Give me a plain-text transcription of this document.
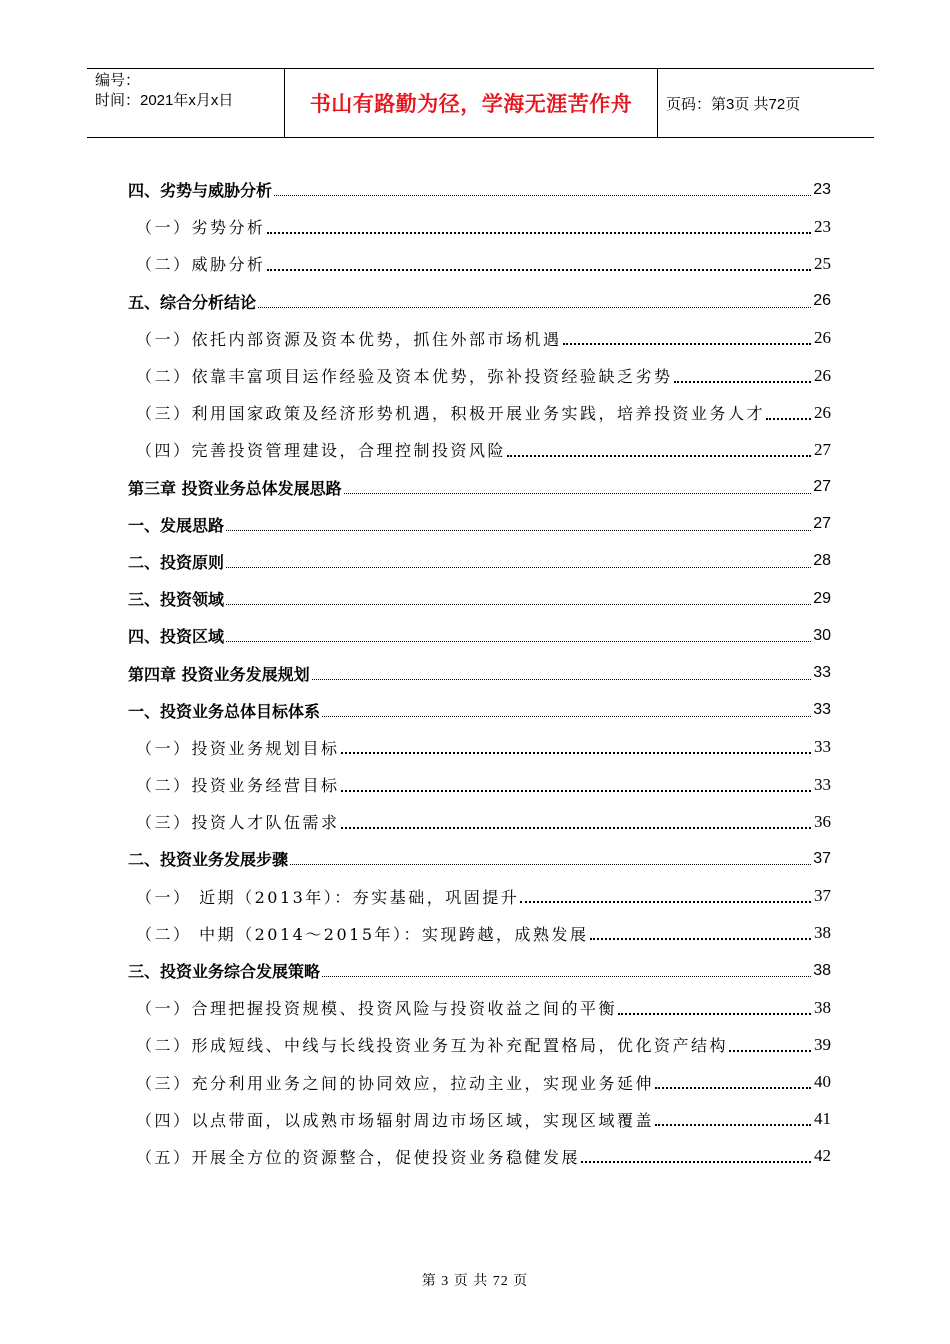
编号：
时间：2021年x月x日	书山有路勤为径，学海无涯苦作舟	页码：第3页 共72页
四、劣势与威胁分析	23
（一）劣势分析	23
（二）威胁分析	25
五、综合分析结论	26
（一）依托内部资源及资本优势，抓住外部市场机遇	26
（二）依靠丰富项目运作经验及资本优势，弥补投资经验缺乏劣势	26
（三）利用国家政策及经济形势机遇，积极开展业务实践，培养投资业务人才	26
（四）完善投资管理建设，合理控制投资风险	27
第三章 投资业务总体发展思路	27
一、发展思路	27
二、投资原则	28
三、投资领域	29
四、投资区域	30
第四章 投资业务发展规划	33
一、投资业务总体目标体系	33
（一）投资业务规划目标	33
（二）投资业务经营目标	33
（三）投资人才队伍需求	36
二、投资业务发展步骤	37
（一） 近期（2013年）：夯实基础，巩固提升	37
（二） 中期（2014～2015年）：实现跨越，成熟发展	38
三、投资业务综合发展策略	38
（一）合理把握投资规模、投资风险与投资收益之间的平衡	38
（二）形成短线、中线与长线投资业务互为补充配置格局，优化资产结构	39
（三）充分利用业务之间的协同效应，拉动主业，实现业务延伸	40
（四）以点带面，以成熟市场辐射周边市场区域，实现区域覆盖	41
（五）开展全方位的资源整合，促使投资业务稳健发展	42
第 3 页 共 72 页
